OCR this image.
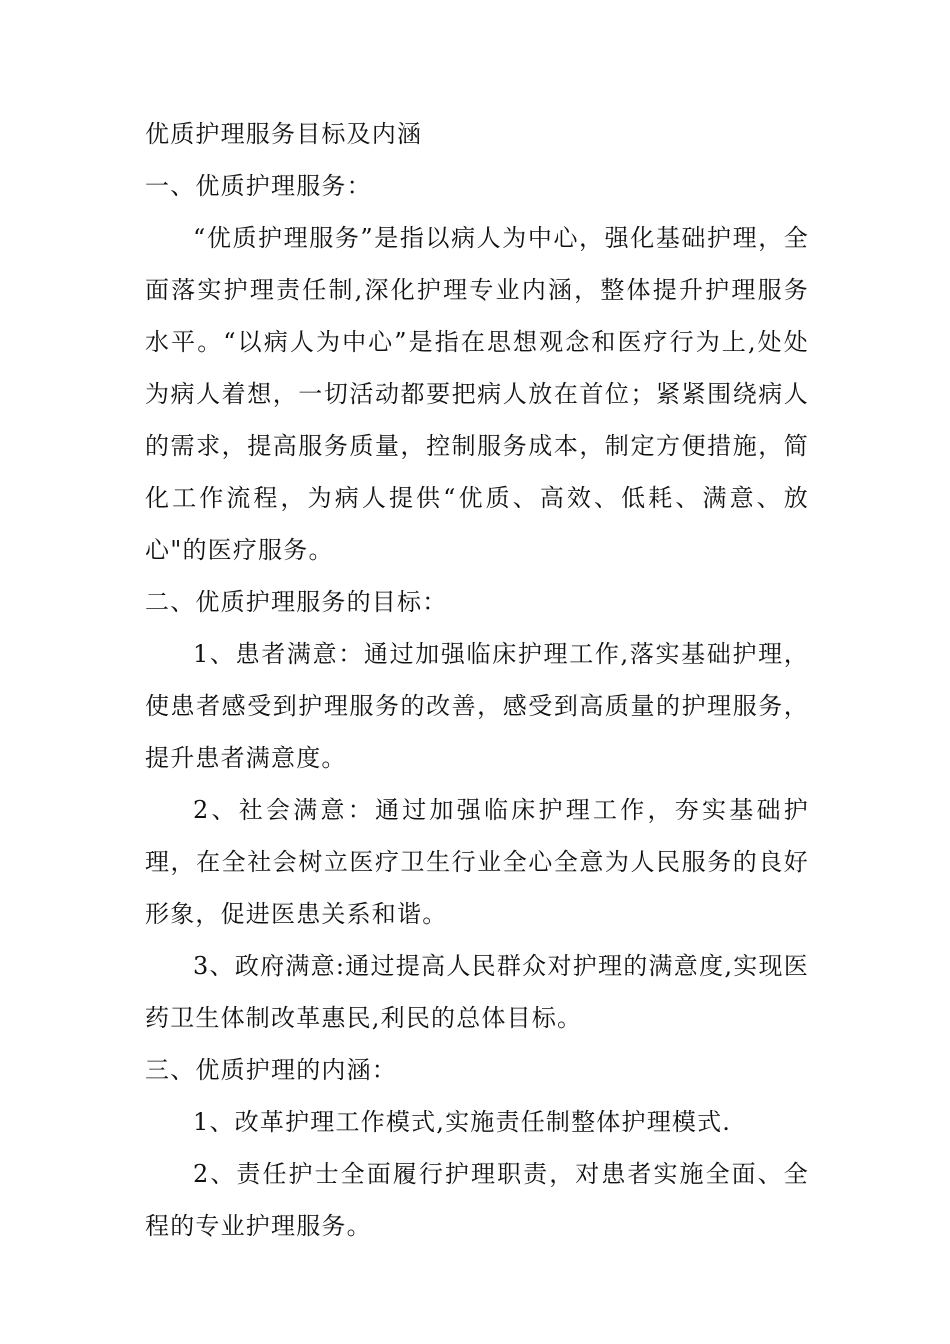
优质护理服务目标及内涵

一、优质护理服务：

“优质护理服务”是指以病人为中心，强化基础护理，全面落实护理责任制,深化护理专业内涵，整体提升护理服务水平。“以病人为中心”是指在思想观念和医疗行为上,处处为病人着想，一切活动都要把病人放在首位；紧紧围绕病人的需求，提高服务质量，控制服务成本，制定方便措施，简化工作流程，为病人提供“优质、高效、低耗、满意、放心"的医疗服务。

二、优质护理服务的目标：

1、患者满意：通过加强临床护理工作,落实基础护理，使患者感受到护理服务的改善，感受到高质量的护理服务，提升患者满意度。

2、社会满意：通过加强临床护理工作，夯实基础护理，在全社会树立医疗卫生行业全心全意为人民服务的良好形象，促进医患关系和谐。

3、政府满意:通过提高人民群众对护理的满意度,实现医药卫生体制改革惠民,利民的总体目标。

三、优质护理的内涵：

1、改革护理工作模式,实施责任制整体护理模式.

2、责任护士全面履行护理职责，对患者实施全面、全程的专业护理服务。
